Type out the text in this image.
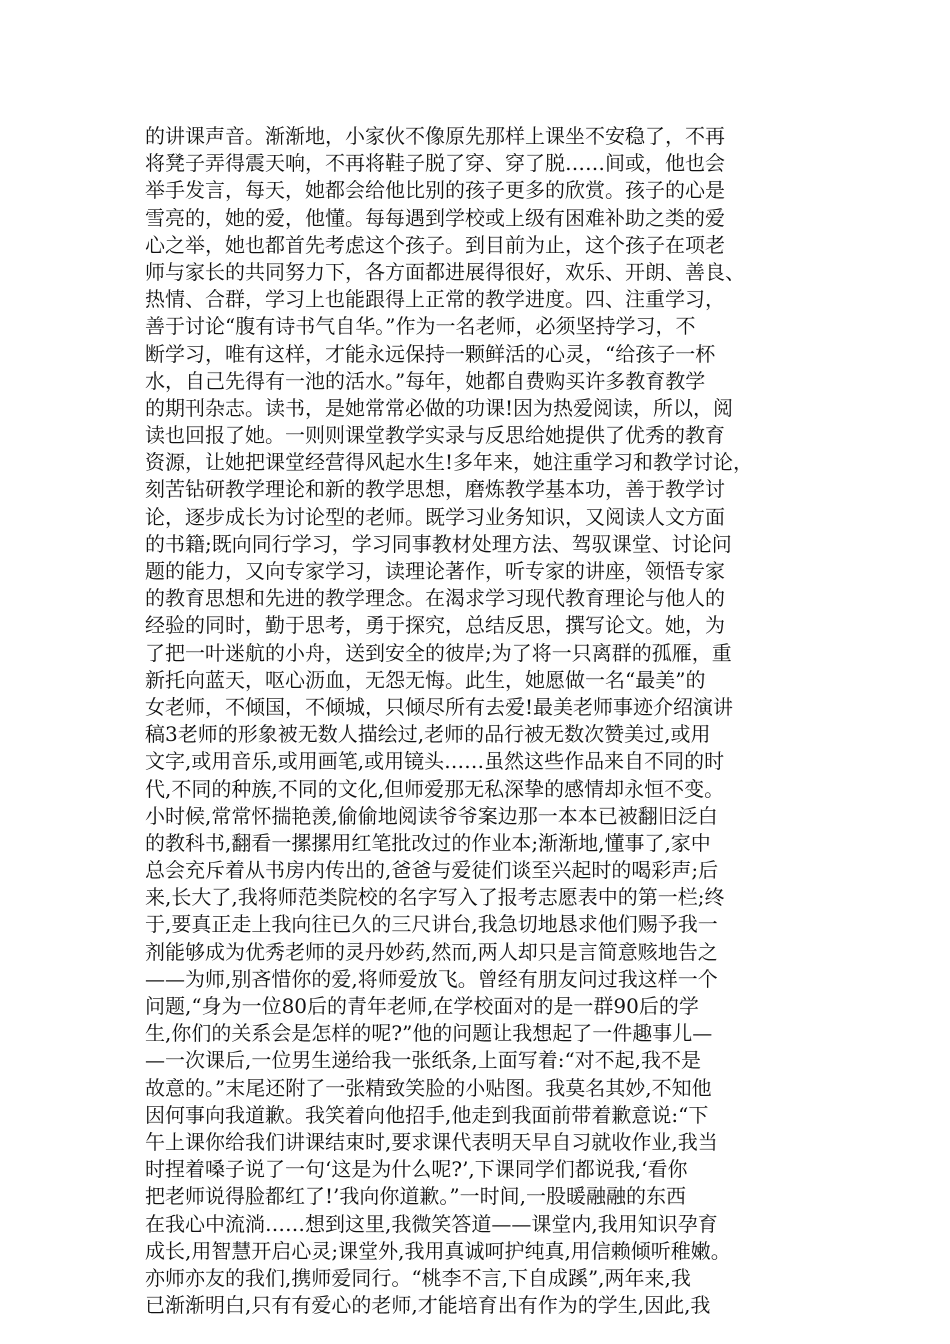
的讲课声音。渐渐地，小家伙不像原先那样上课坐不安稳了，不再
将凳子弄得震天响，不再将鞋子脱了穿、穿了脱……间或，他也会
举手发言，每天，她都会给他比别的孩子更多的欣赏。孩子的心是
雪亮的，她的爱，他懂。每每遇到学校或上级有困难补助之类的爱
心之举，她也都首先考虑这个孩子。到目前为止，这个孩子在项老
师与家长的共同努力下，各方面都进展得很好，欢乐、开朗、善良、
热情、合群，学习上也能跟得上正常的教学进度。四、注重学习，
善于讨论“腹有诗书气自华。”作为一名老师，必须坚持学习，不
断学习，唯有这样，才能永远保持一颗鲜活的心灵，“给孩子一杯
水，自己先得有一池的活水。”每年，她都自费购买许多教育教学
的期刊杂志。读书，是她常常必做的功课!因为热爱阅读，所以，阅
读也回报了她。一则则课堂教学实录与反思给她提供了优秀的教育
资源，让她把课堂经营得风起水生!多年来，她注重学习和教学讨论，
刻苦钻研教学理论和新的教学思想，磨炼教学基本功，善于教学讨
论，逐步成长为讨论型的老师。既学习业务知识，又阅读人文方面
的书籍;既向同行学习，学习同事教材处理方法、驾驭课堂、讨论问
题的能力，又向专家学习，读理论著作，听专家的讲座，领悟专家
的教育思想和先进的教学理念。在渴求学习现代教育理论与他人的
经验的同时，勤于思考，勇于探究，总结反思，撰写论文。她，为
了把一叶迷航的小舟，送到安全的彼岸;为了将一只离群的孤雁，重
新托向蓝天，呕心沥血，无怨无悔。此生，她愿做一名“最美”的
女老师，不倾国，不倾城，只倾尽所有去爱!最美老师事迹介绍演讲
稿3老师的形象被无数人描绘过,老师的品行被无数次赞美过,或用
文字,或用音乐,或用画笔,或用镜头……虽然这些作品来自不同的时
代,不同的种族,不同的文化,但师爱那无私深挚的感情却永恒不变。
小时候,常常怀揣艳羡,偷偷地阅读爷爷案边那一本本已被翻旧泛白
的教科书,翻看一摞摞用红笔批改过的作业本;渐渐地,懂事了,家中
总会充斥着从书房内传出的,爸爸与爱徒们谈至兴起时的喝彩声;后
来,长大了,我将师范类院校的名字写入了报考志愿表中的第一栏;终
于,要真正走上我向往已久的三尺讲台,我急切地恳求他们赐予我一
剂能够成为优秀老师的灵丹妙药,然而,两人却只是言简意赅地告之
——为师,别吝惜你的爱,将师爱放飞。曾经有朋友问过我这样一个
问题,“身为一位80后的青年老师,在学校面对的是一群90后的学
生,你们的关系会是怎样的呢?”他的问题让我想起了一件趣事儿—
—一次课后,一位男生递给我一张纸条,上面写着:“对不起,我不是
故意的。”末尾还附了一张精致笑脸的小贴图。我莫名其妙,不知他
因何事向我道歉。我笑着向他招手,他走到我面前带着歉意说:“下
午上课你给我们讲课结束时,要求课代表明天早自习就收作业,我当
时捏着嗓子说了一句‘这是为什么呢?’,下课同学们都说我,‘看你
把老师说得脸都红了!’我向你道歉。”一时间,一股暖融融的东西
在我心中流淌……想到这里,我微笑答道——课堂内,我用知识孕育
成长,用智慧开启心灵;课堂外,我用真诚呵护纯真,用信赖倾听稚嫩。
亦师亦友的我们,携师爱同行。“桃李不言,下自成蹊”,两年来,我
已渐渐明白,只有有爱心的老师,才能培育出有作为的学生,因此,我
